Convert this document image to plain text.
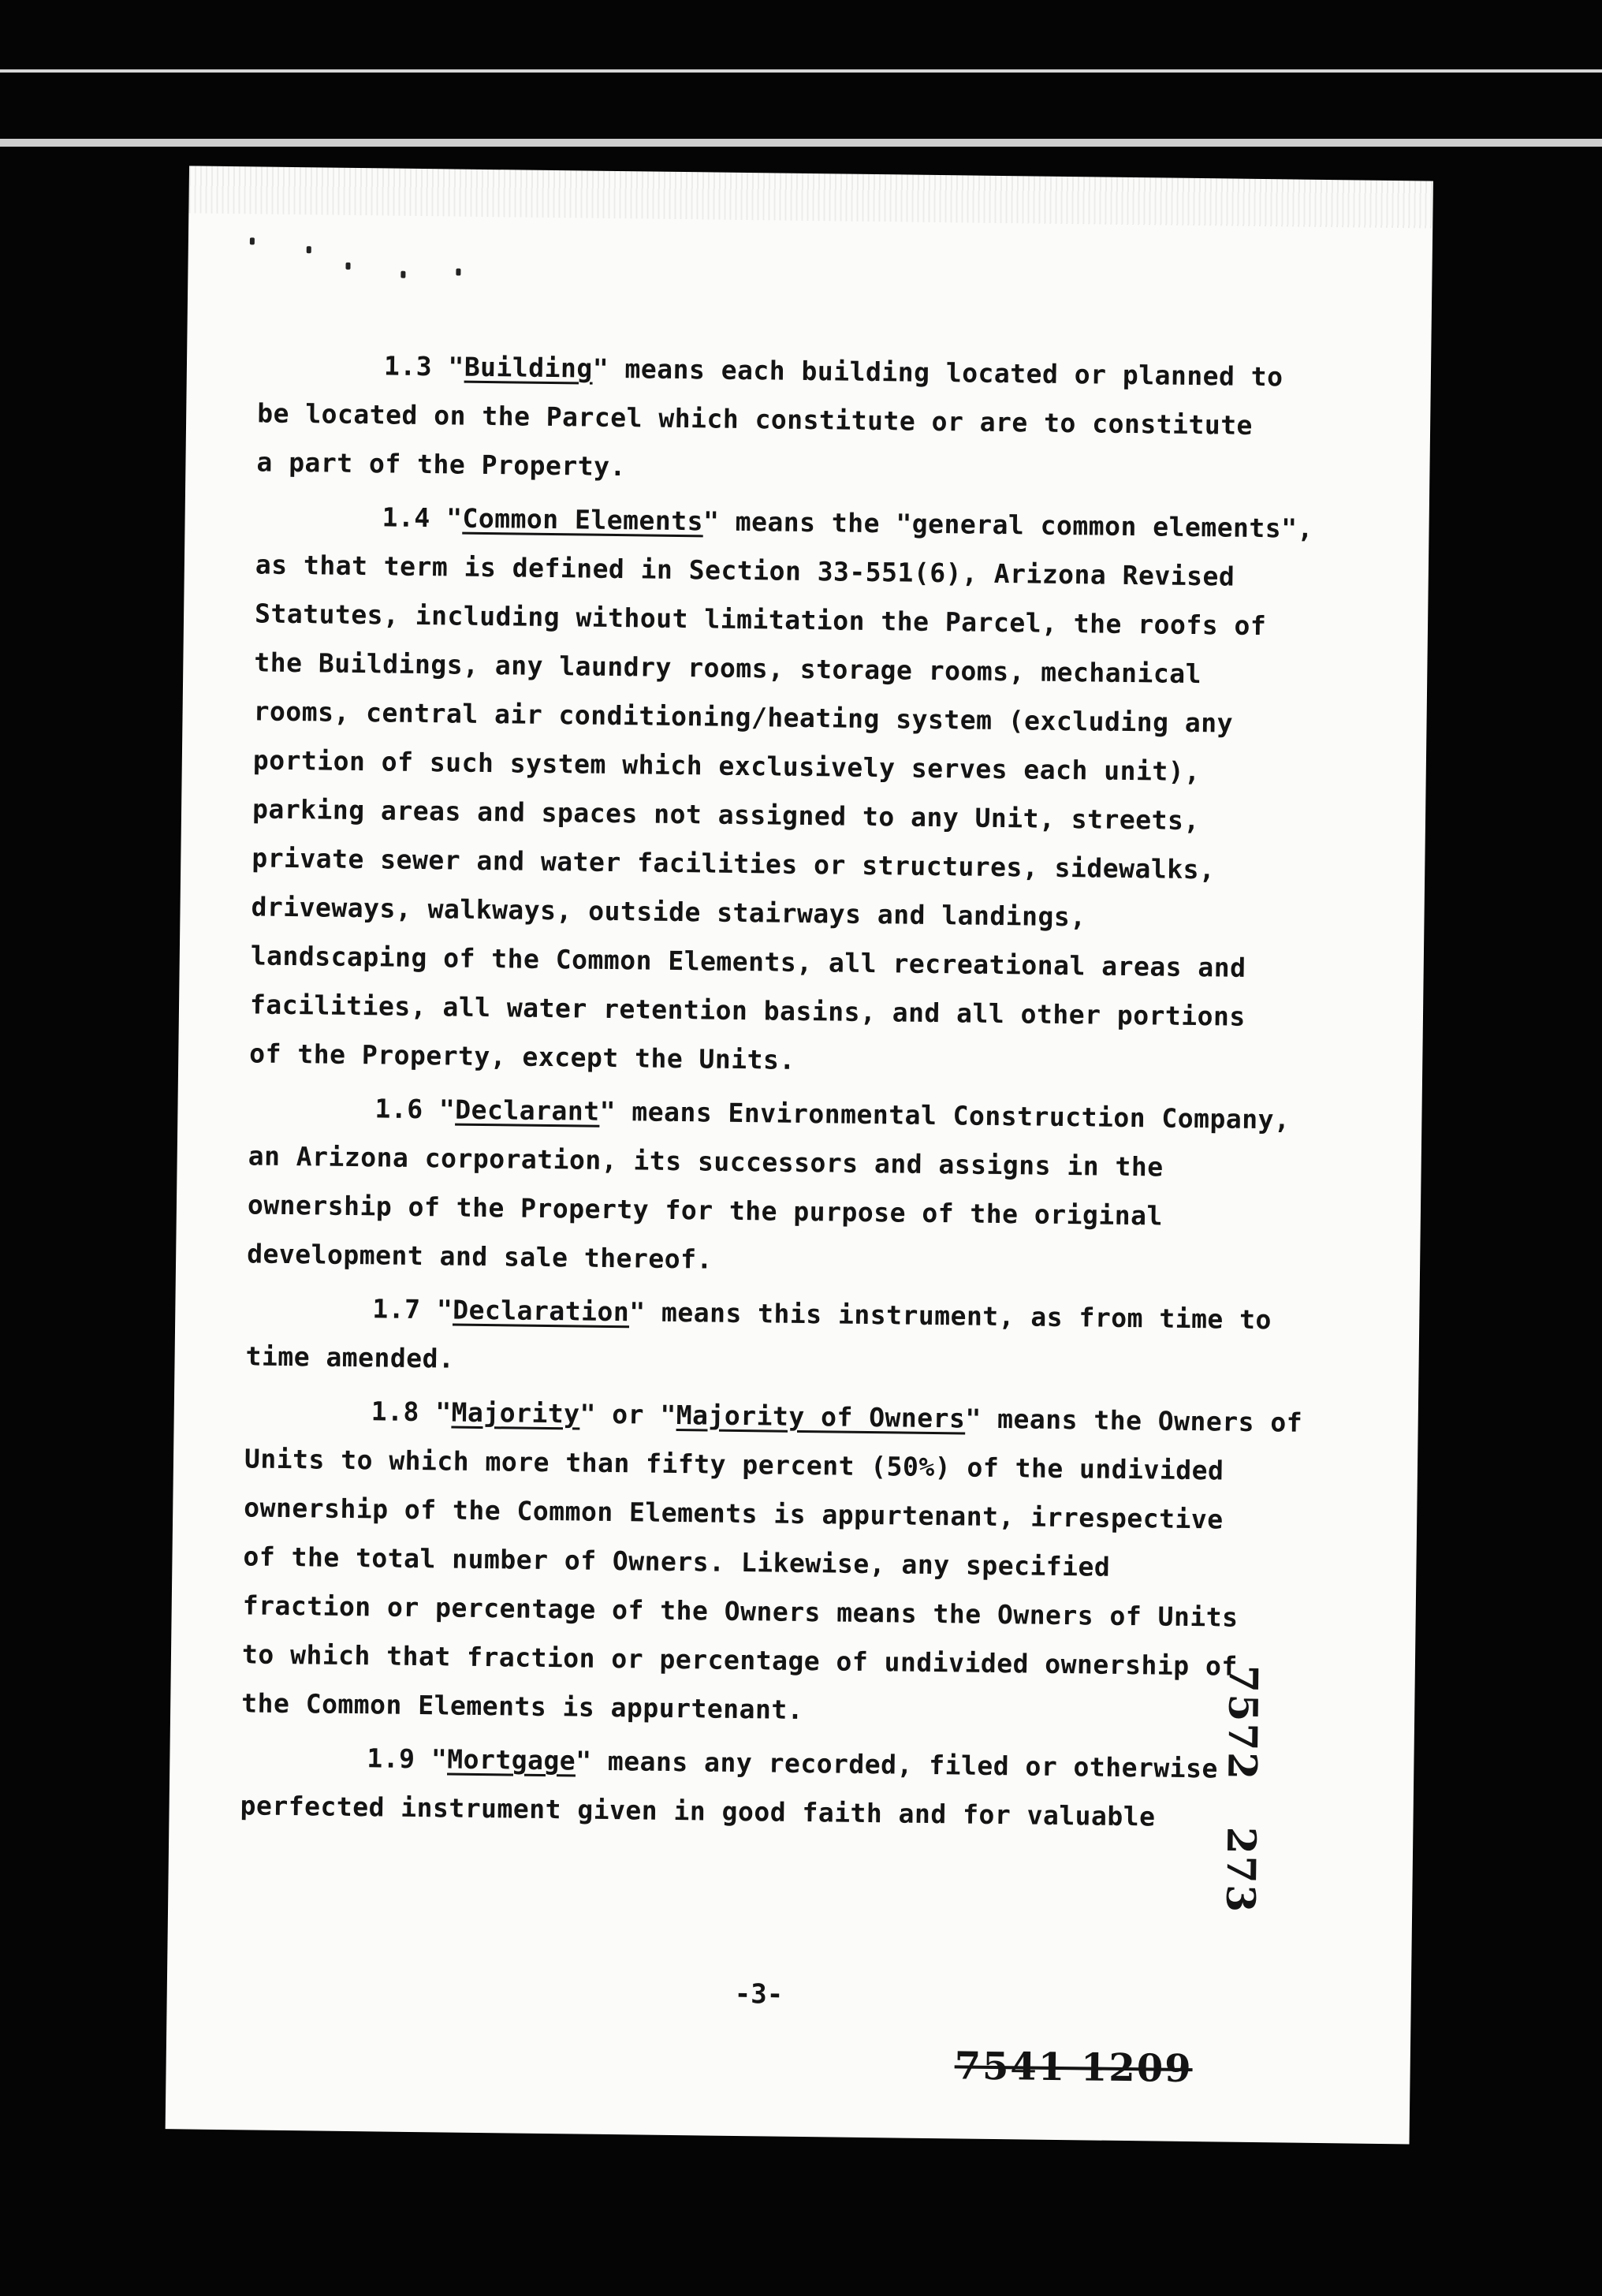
1.3 "Building" means each building located or planned to
be located on the Parcel which constitute or are to constitute
a part of the Property.
1.4 "Common Elements" means the "general common elements",
as that term is defined in Section 33-551(6), Arizona Revised
Statutes, including without limitation the Parcel, the roofs of
the Buildings, any laundry rooms, storage rooms, mechanical
rooms, central air conditioning/heating system (excluding any
portion of such system which exclusively serves each unit),
parking areas and spaces not assigned to any Unit, streets,
private sewer and water facilities or structures, sidewalks,
driveways, walkways, outside stairways and landings,
landscaping of the Common Elements, all recreational areas and
facilities, all water retention basins, and all other portions
of the Property, except the Units.
1.6 "Declarant" means Environmental Construction Company,
an Arizona corporation, its successors and assigns in the
ownership of the Property for the purpose of the original
development and sale thereof.
1.7 "Declaration" means this instrument, as from time to
time amended.
1.8 "Majority" or "Majority of Owners" means the Owners of
Units to which more than fifty percent (50%) of the undivided
ownership of the Common Elements is appurtenant, irrespective
of the total number of Owners. Likewise, any specified
fraction or percentage of the Owners means the Owners of Units
to which that fraction or percentage of undivided ownership of
the Common Elements is appurtenant.
1.9 "Mortgage" means any recorded, filed or otherwise
perfected instrument given in good faith and for valuable
-3-
7541 1209
7572
273
